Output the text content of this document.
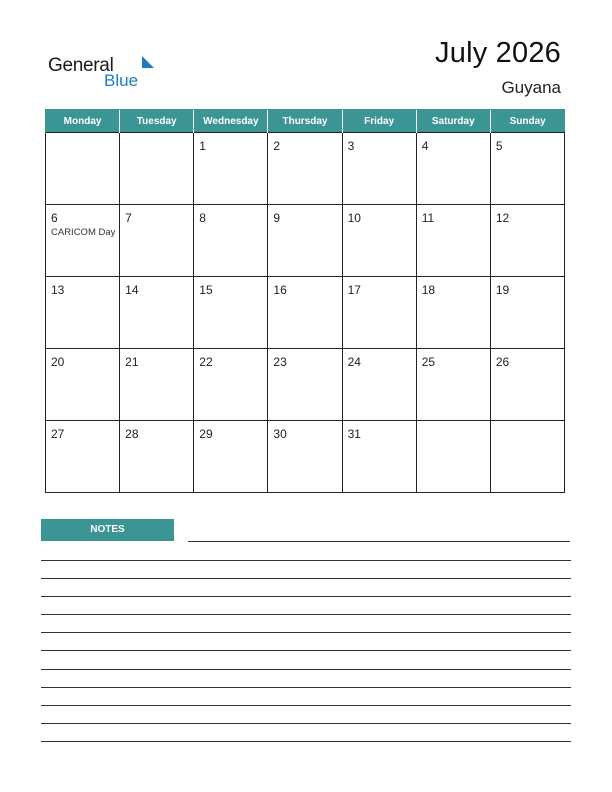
General
Blue
July 2026
Guyana
Monday	Tuesday	Wednesday	Thursday	Friday	Saturday	Sunday

		1	2	3	4	5

6
CARICOM Day	7	8	9	10	11	12

13	14	15	16	17	18	19

20	21	22	23	24	25	26

27	28	29	30	31		

NOTES
